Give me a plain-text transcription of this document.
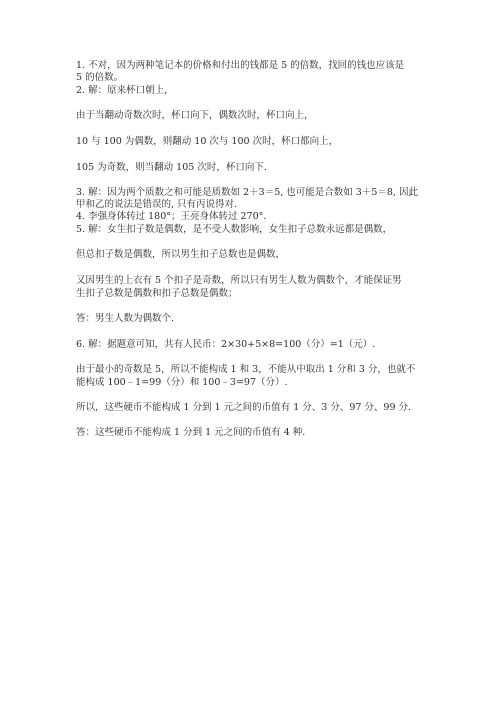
1. 不对，因为两种笔记本的价格和付出的钱都是 5 的倍数，找回的钱也应该是
5 的倍数。
2. 解：原来杯口朝上，
由于当翻动奇数次时，杯口向下，偶数次时，杯口向上，
10 与 100 为偶数，则翻动 10 次与 100 次时，杯口都向上，
105 为奇数，则当翻动 105 次时，杯口向下.
3. 解：因为两个质数之和可能是质数如 2＋3＝5, 也可能是合数如 3＋5＝8, 因此
甲和乙的说法是错误的, 只有丙说得对.
4. 李强身体转过 180°；王亮身体转过 270°．
5. 解：女生扣子数是偶数，是不受人数影响，女生扣子总数永远都是偶数，
但总扣子数是偶数，所以男生扣子总数也是偶数，
又因男生的上衣有 5 个扣子是奇数，所以只有男生人数为偶数个，才能保证男
生扣子总数是偶数和扣子总数是偶数；
答：男生人数为偶数个.
6. 解：据题意可知，共有人民币：2×30+5×8=100（分）=1（元）.
由于最小的奇数是 5，所以不能构成 1 和 3，不能从中取出 1 分和 3 分，也就不
能构成 100﹣1=99（分）和 100﹣3=97（分）.
所以，这些硬币不能构成 1 分到 1 元之间的币值有 1 分、3 分、97 分、99 分.
答：这些硬币不能构成 1 分到 1 元之间的币值有 4 种.
